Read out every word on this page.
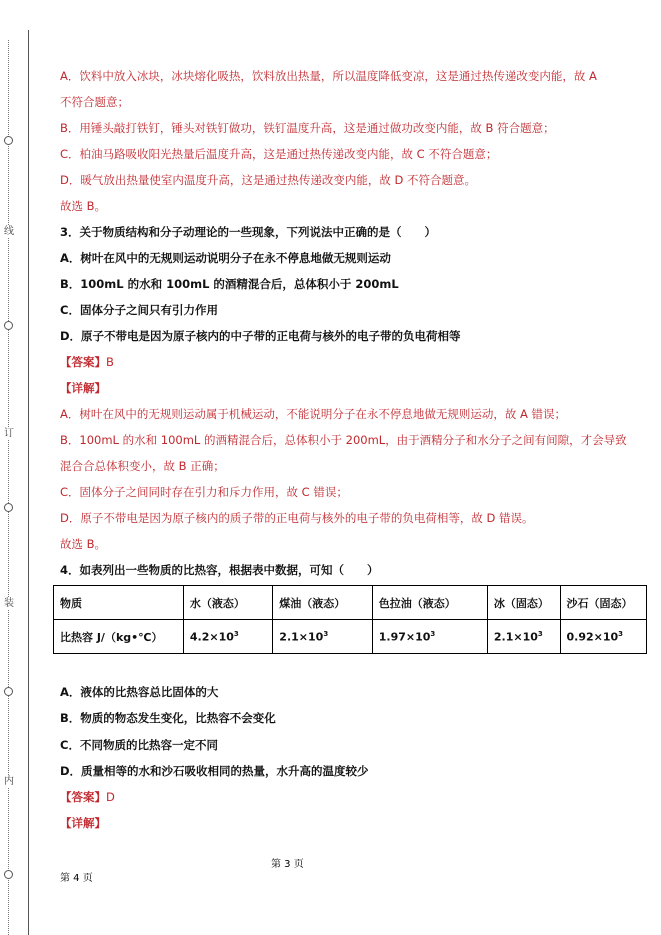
线
订
装
内
A．饮料中放入冰块，冰块熔化吸热，饮料放出热量，所以温度降低变凉，这是通过热传递改变内能，故 A
不符合题意；
B．用锤头敲打铁钉，锤头对铁钉做功，铁钉温度升高，这是通过做功改变内能，故 B 符合题意；
C．柏油马路吸收阳光热量后温度升高，这是通过热传递改变内能，故 C 不符合题意；
D．暖气放出热量使室内温度升高，这是通过热传递改变内能，故 D 不符合题意。
故选 B。
3．关于物质结构和分子动理论的一些现象，下列说法中正确的是（　　）
A．树叶在风中的无规则运动说明分子在永不停息地做无规则运动
B．100mL 的水和 100mL 的酒精混合后，总体积小于 200mL
C．固体分子之间只有引力作用
D．原子不带电是因为原子核内的中子带的正电荷与核外的电子带的负电荷相等
【答案】B
【详解】
A．树叶在风中的无规则运动属于机械运动，不能说明分子在永不停息地做无规则运动，故 A 错误；
B．100mL 的水和 100mL 的酒精混合后，总体积小于 200mL，由于酒精分子和水分子之间有间隙，才会导致
混合合总体积变小，故 B 正确；
C．固体分子之间同时存在引力和斥力作用，故 C 错误；
D．原子不带电是因为原子核内的质子带的正电荷与核外的电子带的负电荷相等，故 D 错误。
故选 B。
4．如表列出一些物质的比热容，根据表中数据，可知（　　）
物质	水（液态）	煤油（液态）	色拉油（液态）	冰（固态）	沙石（固态）
比热容 J/（kg•℃）	$4.2\times 10^3$	$2.1\times 10^3$	$1.97\times 10^3$	$2.1\times 10^3$	$0.92\times 10^3$
A．液体的比热容总比固体的大
B．物质的物态发生变化，比热容不会变化
C．不同物质的比热容一定不同
D．质量相等的水和沙石吸收相同的热量，水升高的温度较少
【答案】D
【详解】
第 3 页
第 4 页
